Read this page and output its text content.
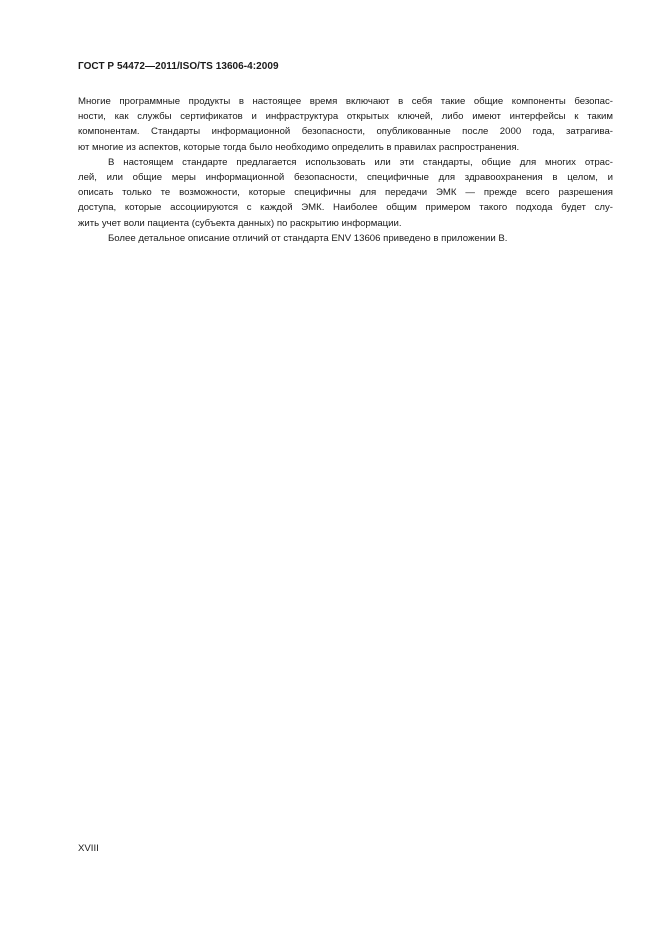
ГОСТ Р 54472—2011/ISO/TS 13606-4:2009
Многие программные продукты в настоящее время включают в себя такие общие компоненты безопас-
ности, как службы сертификатов и инфраструктура открытых ключей, либо имеют интерфейсы к таким
компонентам. Стандарты информационной безопасности, опубликованные после 2000 года, затрагива-
ют многие из аспектов, которые тогда было необходимо определить в правилах распространения.
В настоящем стандарте предлагается использовать или эти стандарты, общие для многих отрас-
лей, или общие меры информационной безопасности, специфичные для здравоохранения в целом, и
описать только те возможности, которые специфичны для передачи ЭМК — прежде всего разрешения
доступа, которые ассоциируются с каждой ЭМК. Наиболее общим примером такого подхода будет слу-
жить учет воли пациента (субъекта данных) по раскрытию информации.
Более детальное описание отличий от стандарта ENV 13606 приведено в приложении В.
XVIII
